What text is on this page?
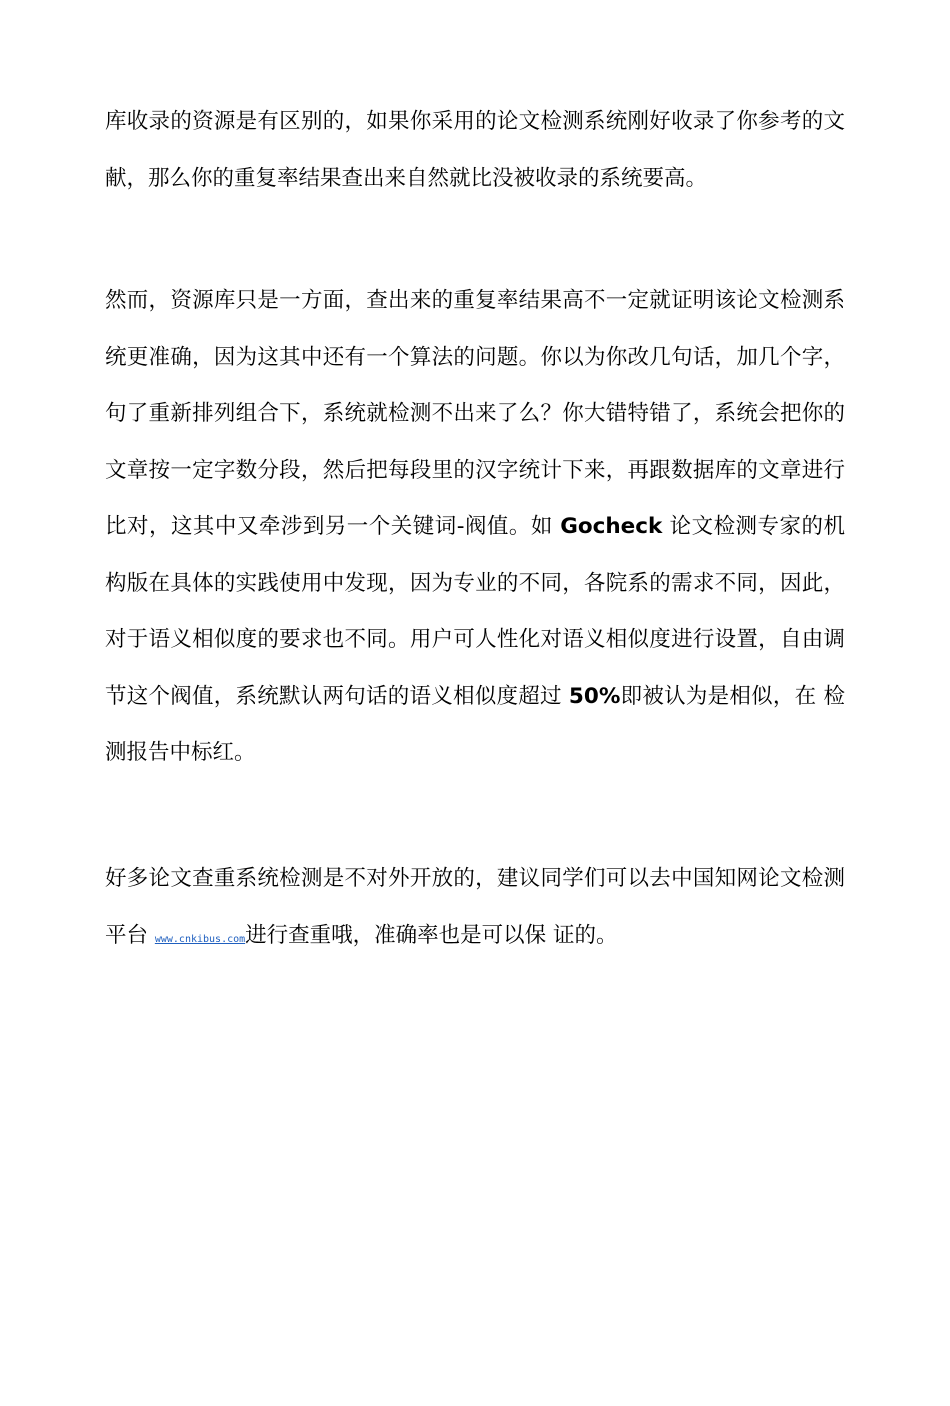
库收录的资源是有区别的，如果你采用的论文检测系统刚好收录了你参考的文献，那么你的重复率结果查出来自然就比没被收录的系统要高。

然而，资源库只是一方面，查出来的重复率结果高不一定就证明该论文检测系统更准确，因为这其中还有一个算法的问题。你以为你改几句话，加几个字，句了重新排列组合下，系统就检测不出来了么？你大错特错了，系统会把你的文章按一定字数分段，然后把每段里的汉字统计下来，再跟数据库的文章进行比对，这其中又牵涉到另一个关键词-阀值。如 Gocheck 论文检测专家的机构版在具体的实践使用中发现，因为专业的不同，各院系的需求不同，因此，对于语义相似度的要求也不同。用户可人性化对语义相似度进行设置，自由调节这个阀值，系统默认两句话的语义相似度超过 50%即被认为是相似，在 检测报告中标红。

好多论文查重系统检测是不对外开放的，建议同学们可以去中国知网论文检测平台 www.cnkibus.com进行查重哦，准确率也是可以保 证的。
